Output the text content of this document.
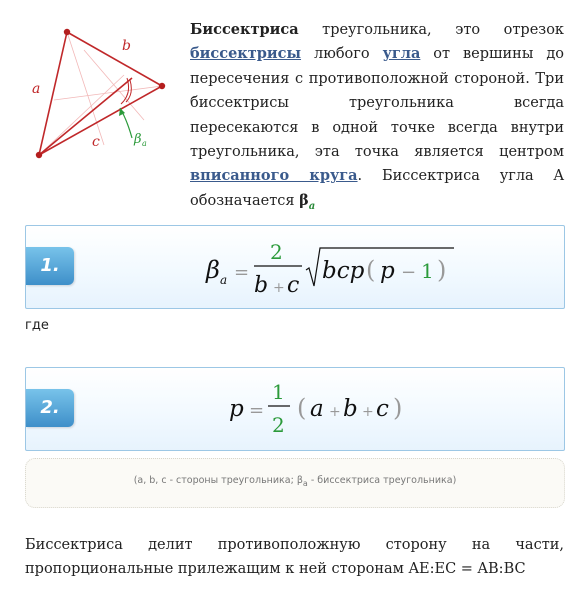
a
b
c	β a
Биссектриса треугольника, это отрезок биссектрисы любого угла от вершины до пересечения с противоположной стороной. Три биссектрисы треугольника всегда пересекаются в одной точке всегда внутри треугольника, эта точка является центром вписанного круга. Биссектриса угла A обозначается $\beta_a$
1.	β a =
2
b + c
bcp ( p − 1 )
где
2.	p =
1
2
( a + b + c )
(a, b, c - стороны треугольника; $\beta_a$ - биссектриса треугольника)
Биссектриса делит противоположную сторону на части, пропорциональные прилежащим к ней сторонам AE:EC = AB:BC
